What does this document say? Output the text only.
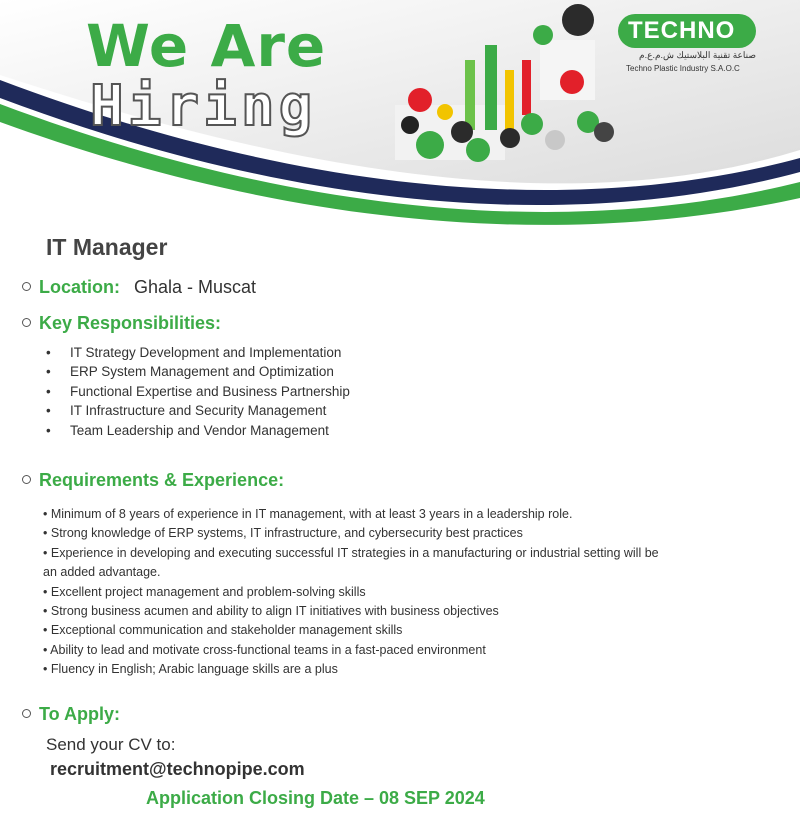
We Are
Hiring
TECHNO
صناعة تقنية البلاستيك ش.م.ع.م
Techno Plastic Industry S.A.O.C
IT Manager
Location: Ghala - Muscat
Key Responsibilities:
• IT Strategy Development and Implementation
• ERP System Management and Optimization
• Functional Expertise and Business Partnership
• IT Infrastructure and Security Management
• Team Leadership and Vendor Management
Requirements & Experience:
• Minimum of 8 years of experience in IT management, with at least 3 years in a leadership role.
• Strong knowledge of ERP systems, IT infrastructure, and cybersecurity best practices
• Experience in developing and executing successful IT strategies in a manufacturing or industrial setting will be an added advantage.
• Excellent project management and problem-solving skills
• Strong business acumen and ability to align IT initiatives with business objectives
• Exceptional communication and stakeholder management skills
• Ability to lead and motivate cross-functional teams in a fast-paced environment
• Fluency in English; Arabic language skills are a plus
To Apply:
Send your CV to:
recruitment@technopipe.com
Application Closing Date – 08 SEP 2024
